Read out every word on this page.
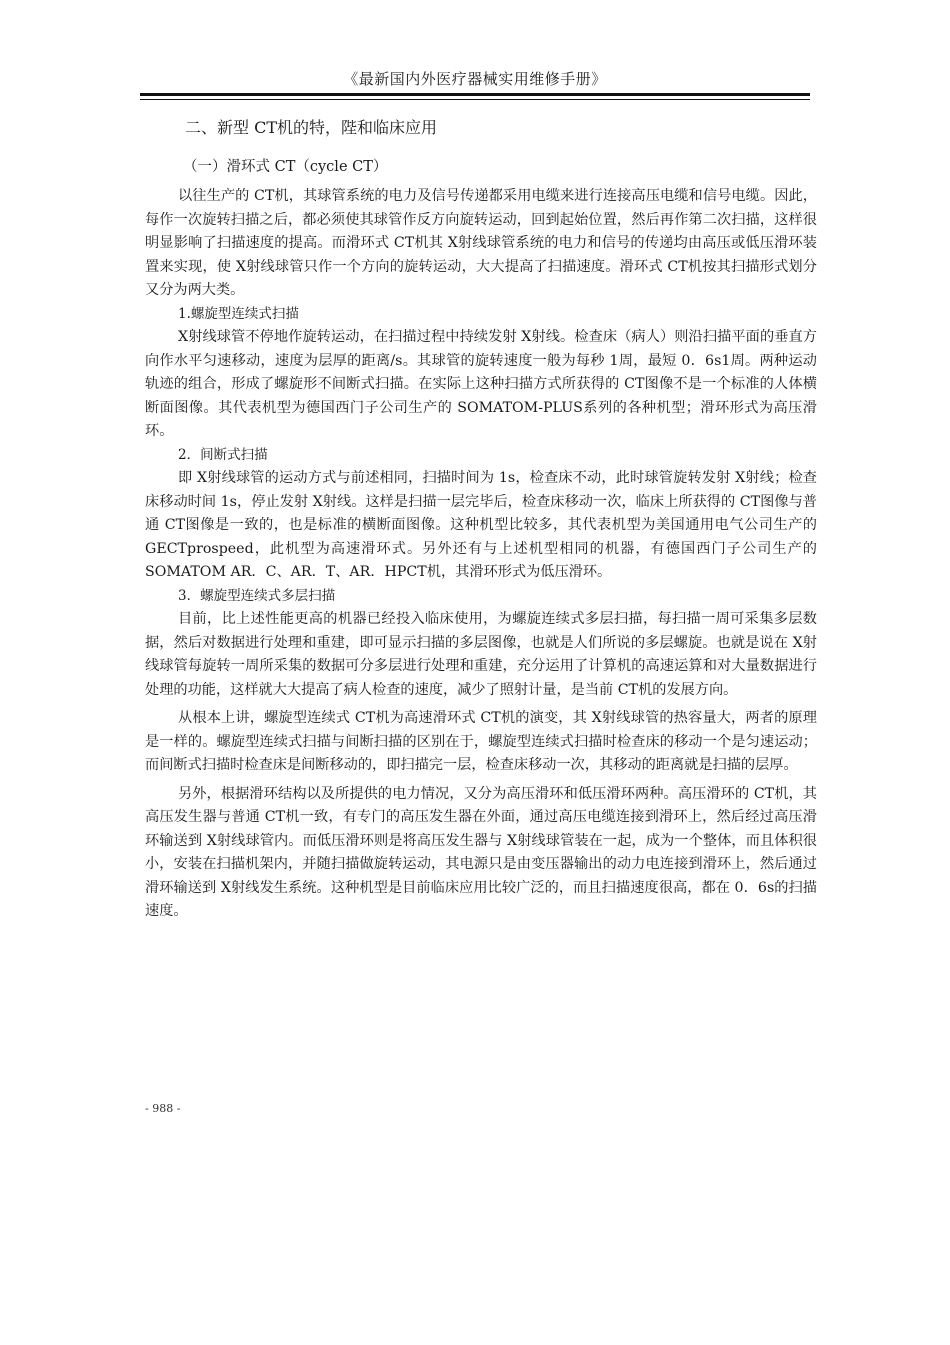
《最新国内外医疗器械实用维修手册》

二、新型 CT机的特，陛和临床应用

（一）滑环式 CT（cycle CT）

以往生产的 CT机，其球管系统的电力及信号传递都采用电缆来进行连接高压电缆和信号电缆。因此，每作一次旋转扫描之后，都必须使其球管作反方向旋转运动，回到起始位置，然后再作第二次扫描，这样很明显影响了扫描速度的提高。而滑环式 CT机其 X射线球管系统的电力和信号的传递均由高压或低压滑环装置来实现，使 X射线球管只作一个方向的旋转运动，大大提高了扫描速度。滑环式 CT机按其扫描形式划分又分为两大类。

1.螺旋型连续式扫描

X射线球管不停地作旋转运动，在扫描过程中持续发射 X射线。检查床（病人）则沿扫描平面的垂直方向作水平匀速移动，速度为层厚的距离/s。其球管的旋转速度一般为每秒 1周，最短 0．6s1周。两种运动轨迹的组合，形成了螺旋形不间断式扫描。在实际上这种扫描方式所获得的 CT图像不是一个标准的人体横断面图像。其代表机型为德国西门子公司生产的 SOMATOM-PLUS系列的各种机型；滑环形式为高压滑环。

2．间断式扫描

即 X射线球管的运动方式与前述相同，扫描时间为 1s，检查床不动，此时球管旋转发射 X射线；检查床移动时间 1s，停止发射 X射线。这样是扫描一层完毕后，检查床移动一次，临床上所获得的 CT图像与普通 CT图像是一致的，也是标准的横断面图像。这种机型比较多，其代表机型为美国通用电气公司生产的 GECTprospeed，此机型为高速滑环式。另外还有与上述机型相同的机器，有德国西门子公司生产的 SOMATOM AR．C、AR．T、AR．HPCT机，其滑环形式为低压滑环。

3．螺旋型连续式多层扫描

目前，比上述性能更高的机器已经投入临床使用，为螺旋连续式多层扫描，每扫描一周可采集多层数据，然后对数据进行处理和重建，即可显示扫描的多层图像，也就是人们所说的多层螺旋。也就是说在 X射线球管每旋转一周所采集的数据可分多层进行处理和重建，充分运用了计算机的高速运算和对大量数据进行处理的功能，这样就大大提高了病人检查的速度，减少了照射计量，是当前 CT机的发展方向。

从根本上讲，螺旋型连续式 CT机为高速滑环式 CT机的演变，其 X射线球管的热容量大，两者的原理是一样的。螺旋型连续式扫描与间断扫描的区别在于，螺旋型连续式扫描时检查床的移动一个是匀速运动；而间断式扫描时检查床是间断移动的，即扫描完一层，检查床移动一次，其移动的距离就是扫描的层厚。

另外，根据滑环结构以及所提供的电力情况，又分为高压滑环和低压滑环两种。高压滑环的 CT机，其高压发生器与普通 CT机一致，有专门的高压发生器在外面，通过高压电缆连接到滑环上，然后经过高压滑环输送到 X射线球管内。而低压滑环则是将高压发生器与 X射线球管装在一起，成为一个整体，而且体积很小，安装在扫描机架内，并随扫描做旋转运动，其电源只是由变压器输出的动力电连接到滑环上，然后通过滑环输送到 X射线发生系统。这种机型是目前临床应用比较广泛的，而且扫描速度很高，都在 0．6s的扫描速度。

- 988 -
